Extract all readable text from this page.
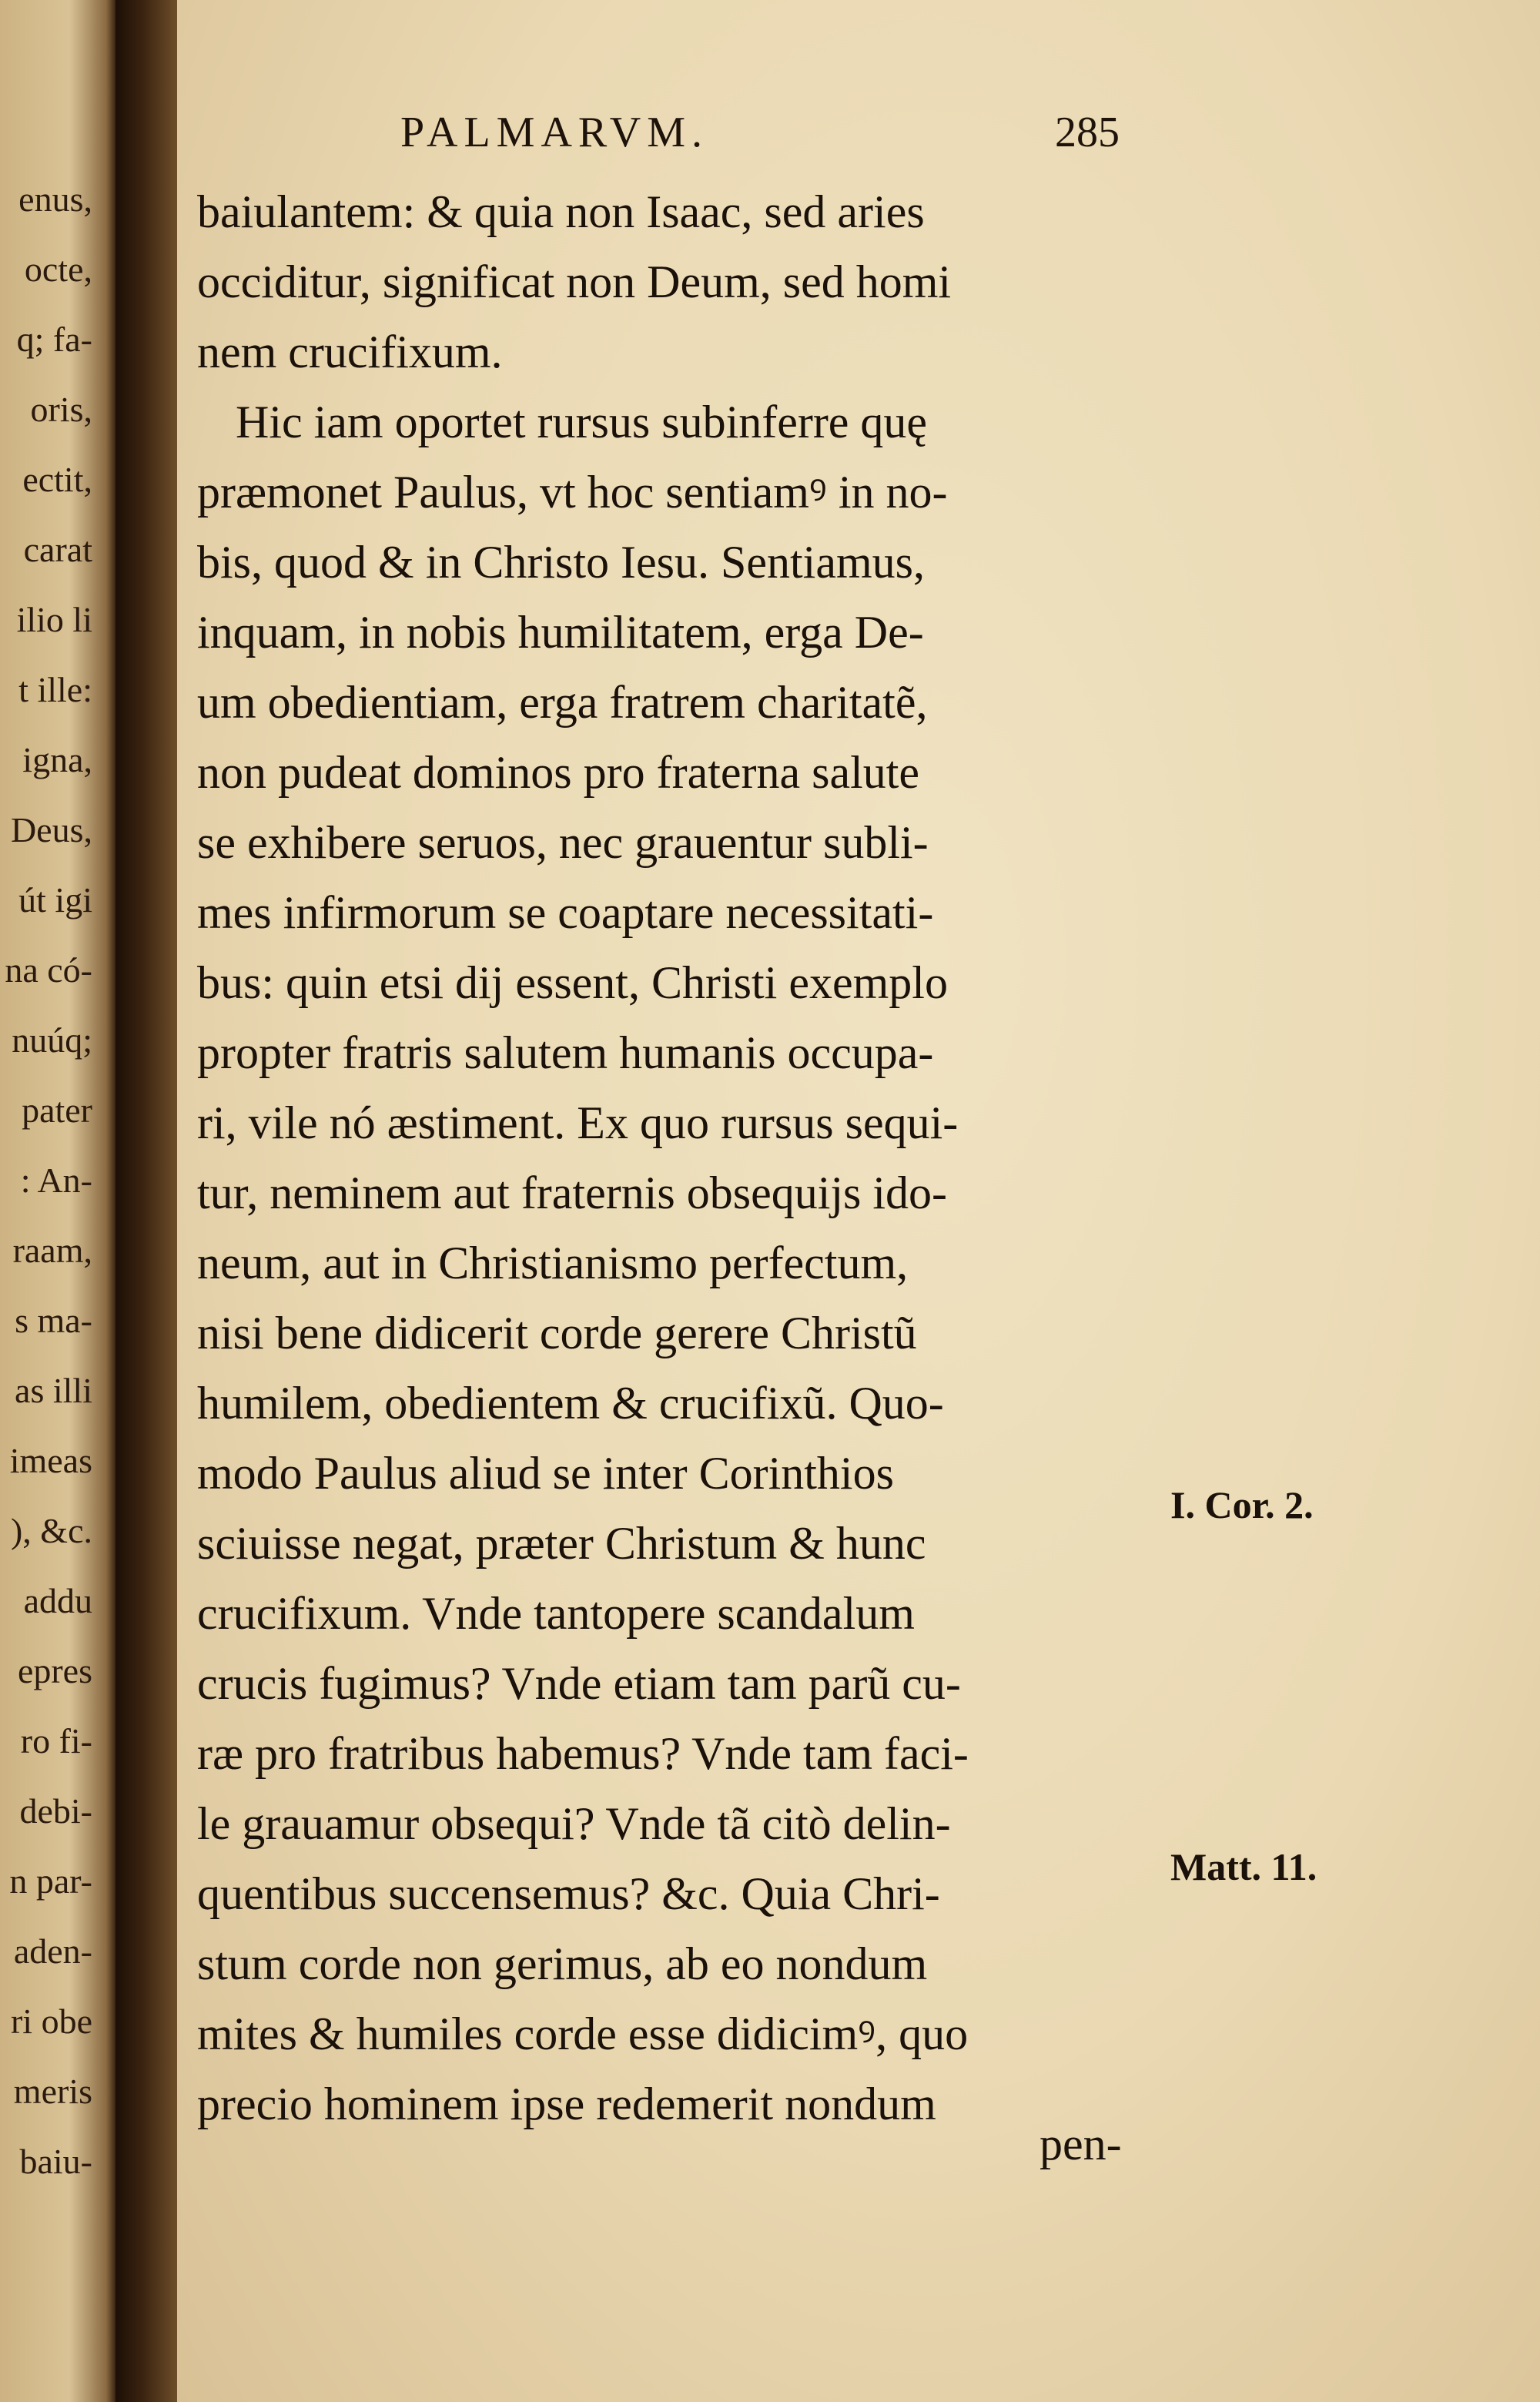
enus,
octe,
q; fa-
oris,
ectit,
carat
ilio li
t ille:
igna,
Deus,
út igi
na có-
nuúq;
pater
: An-
raam,
s ma-
as illi
imeas
), &c.
addu
epres
ro fi-
debi-
n par-
aden-
ri obe
meris
baiu-
PALMARVM.	285
baiulantem: & quia non Isaac, sed aries
occiditur, significat non Deum, sed homi
nem crucifixum.
Hic iam oportet rursus subinferre quę
præmonet Paulus, vt hoc sentiamꝰ in no-
bis, quod & in Christo Iesu. Sentiamus,
inquam, in nobis humilitatem, erga De-
um obedientiam, erga fratrem charitatẽ,
non pudeat dominos pro fraterna salute
se exhibere seruos, nec grauentur subli-
mes infirmorum se coaptare necessitati-
bus: quin etsi dij essent, Christi exemplo
propter fratris salutem humanis occupa-
ri, vile nó æstiment. Ex quo rursus sequi-
tur, neminem aut fraternis obsequijs ido-
neum, aut in Christianismo perfectum,
nisi bene didicerit corde gerere Christũ
humilem, obedientem & crucifixũ. Quo-
modo Paulus aliud se inter Corinthios
sciuisse negat, præter Christum & hunc
crucifixum. Vnde tantopere scandalum
crucis fugimus? Vnde etiam tam parũ cu-
ræ pro fratribus habemus? Vnde tam faci-
le grauamur obsequi? Vnde tã citò delin-
quentibus succensemus? &c. Quia Chri-
stum corde non gerimus, ab eo nondum
mites & humiles corde esse didicimꝰ, quo
precio hominem ipse redemerit nondum
I. Cor. 2.
Matt. 11.
pen-
